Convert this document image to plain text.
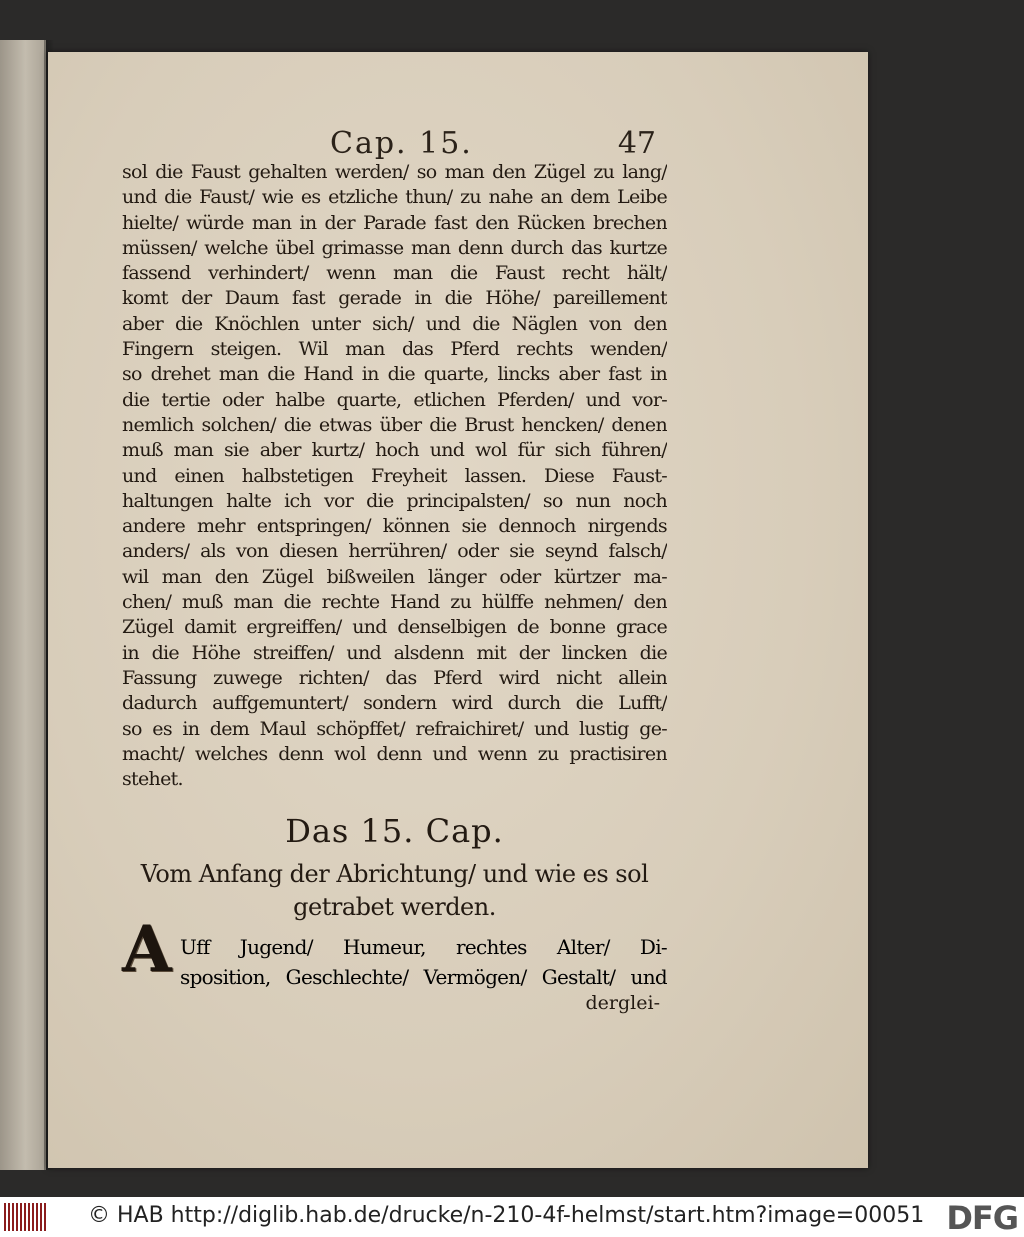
Cap. 15.	47
sol die Faust gehalten werden/ so man den Zügel zu lang/
und die Faust/ wie es etzliche thun/ zu nahe an dem Leibe
hielte/ würde man in der Parade fast den Rücken brechen
müssen/ welche übel grimasse man denn durch das kurtze
fassend verhindert/ wenn man die Faust recht hält/
komt der Daum fast gerade in die Höhe/ pareillement
aber die Knöchlen unter sich/ und die Näglen von den
Fingern steigen. Wil man das Pferd rechts wenden/
so drehet man die Hand in die quarte, lincks aber fast in
die tertie oder halbe quarte, etlichen Pferden/ und vor-
nemlich solchen/ die etwas über die Brust hencken/ denen
muß man sie aber kurtz/ hoch und wol für sich führen/
und einen halbstetigen Freyheit lassen. Diese Faust-
haltungen halte ich vor die principalsten/ so nun noch
andere mehr entspringen/ können sie dennoch nirgends
anders/ als von diesen herrühren/ oder sie seynd falsch/
wil man den Zügel bißweilen länger oder kürtzer ma-
chen/ muß man die rechte Hand zu hülffe nehmen/ den
Zügel damit ergreiffen/ und denselbigen de bonne grace
in die Höhe streiffen/ und alsdenn mit der lincken die
Fassung zuwege richten/ das Pferd wird nicht allein
dadurch auffgemuntert/ sondern wird durch die Lufft/
so es in dem Maul schöpffet/ refraichiret/ und lustig ge-
macht/ welches denn wol denn und wenn zu practisiren
stehet.
Das 15. Cap.
Vom Anfang der Abrichtung/ und wie es sol
getrabet werden.
A Uff Jugend/ Humeur, rechtes Alter/ Di-
sposition, Geschlechte/ Vermögen/ Gestalt/ und
derglei-
© HAB http://diglib.hab.de/drucke/n-210-4f-helmst/start.htm?image=00051 DFG
